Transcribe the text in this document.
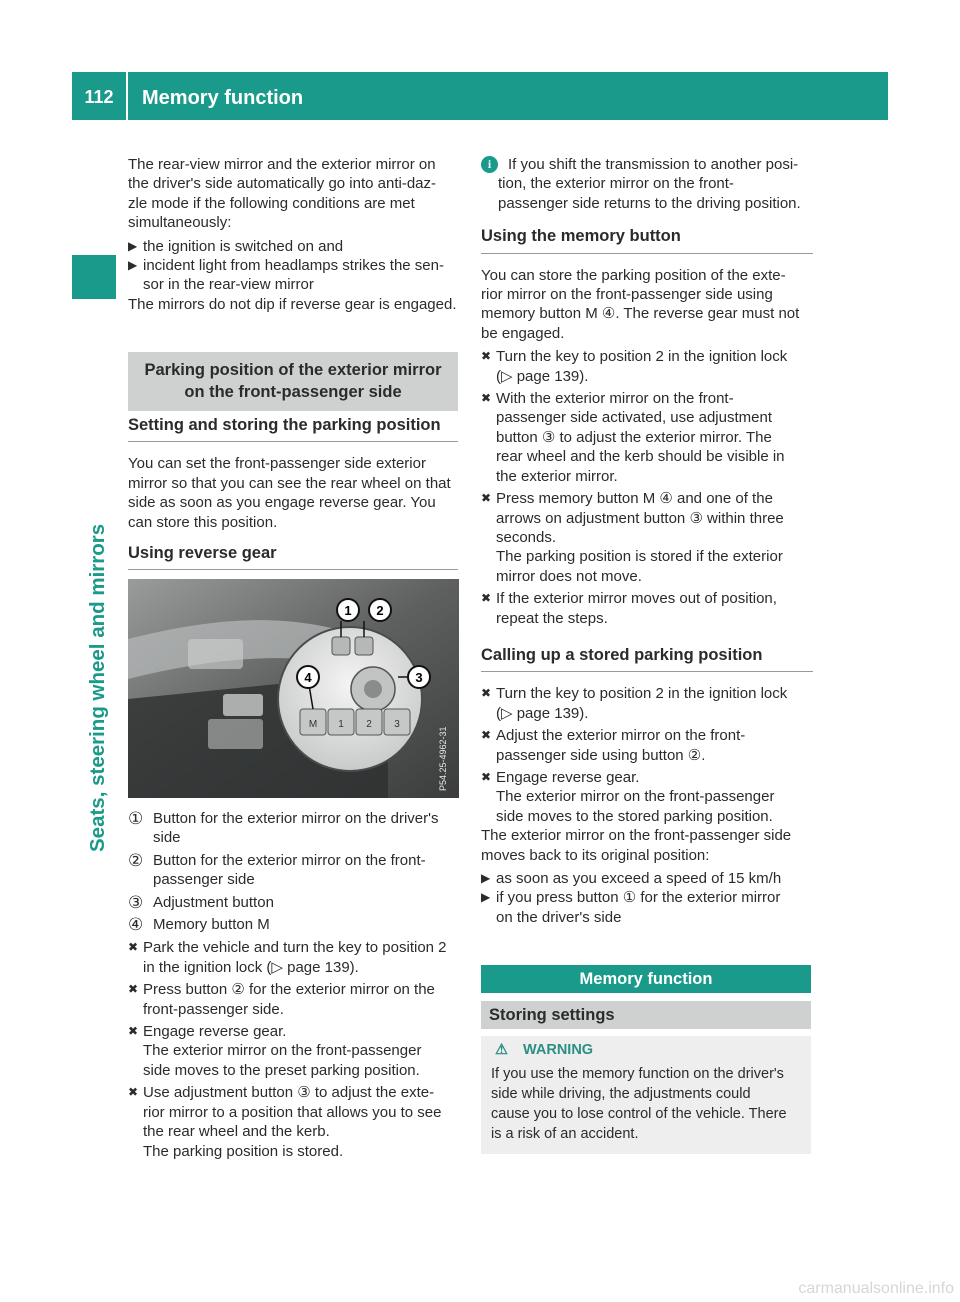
112	Memory function
Seats, steering wheel and mirrors

The rear-view mirror and the exterior mirror on

the driver's side automatically go into anti-daz-

zle mode if the following conditions are met

simultaneously:

▶ the ignition is switched on and

▶ incident light from headlamps strikes the sen-

sor in the rear-view mirror

The mirrors do not dip if reverse gear is engaged.

Parking position of the exterior mirror
on the front-passenger side
Setting and storing the parking position

You can set the front-passenger side exterior

mirror so that you can see the rear wheel on that

side as soon as you engage reverse gear. You

can store this position.

Using reverse gear
M 1 2 3
1 2
3
4
P54.25-4962-31
① Button for the exterior mirror on the driver's

side

② Button for the exterior mirror on the front-

passenger side

③ Adjustment button

④ Memory button M

✖ Park the vehicle and turn the key to position 2

in the ignition lock (▷ page 139).

✖ Press button ② for the exterior mirror on the

front-passenger side.

✖ Engage reverse gear.

The exterior mirror on the front-passenger

side moves to the preset parking position.

✖ Use adjustment button ③ to adjust the exte-

rior mirror to a position that allows you to see

the rear wheel and the kerb.

The parking position is stored.

i	If you shift the transmission to another posi-

tion, the exterior mirror on the front-

passenger side returns to the driving position.

Using the memory button

You can store the parking position of the exte-

rior mirror on the front-passenger side using

memory button M ④. The reverse gear must not

be engaged.

✖ Turn the key to position 2 in the ignition lock

(▷ page 139).

✖ With the exterior mirror on the front-

passenger side activated, use adjustment

button ③ to adjust the exterior mirror. The

rear wheel and the kerb should be visible in

the exterior mirror.

✖ Press memory button M ④ and one of the

arrows on adjustment button ③ within three

seconds.

The parking position is stored if the exterior

mirror does not move.

✖ If the exterior mirror moves out of position,

repeat the steps.

Calling up a stored parking position
✖ Turn the key to position 2 in the ignition lock

(▷ page 139).

✖ Adjust the exterior mirror on the front-

passenger side using button ②.

✖ Engage reverse gear.

The exterior mirror on the front-passenger

side moves to the stored parking position.

The exterior mirror on the front-passenger side

moves back to its original position:

▶ as soon as you exceed a speed of 15 km/h

▶ if you press button ① for the exterior mirror

on the driver's side

Memory function
Storing settings
⚠ WARNING

If you use the memory function on the driver's

side while driving, the adjustments could

cause you to lose control of the vehicle. There

is a risk of an accident.

carmanualsonline.info
